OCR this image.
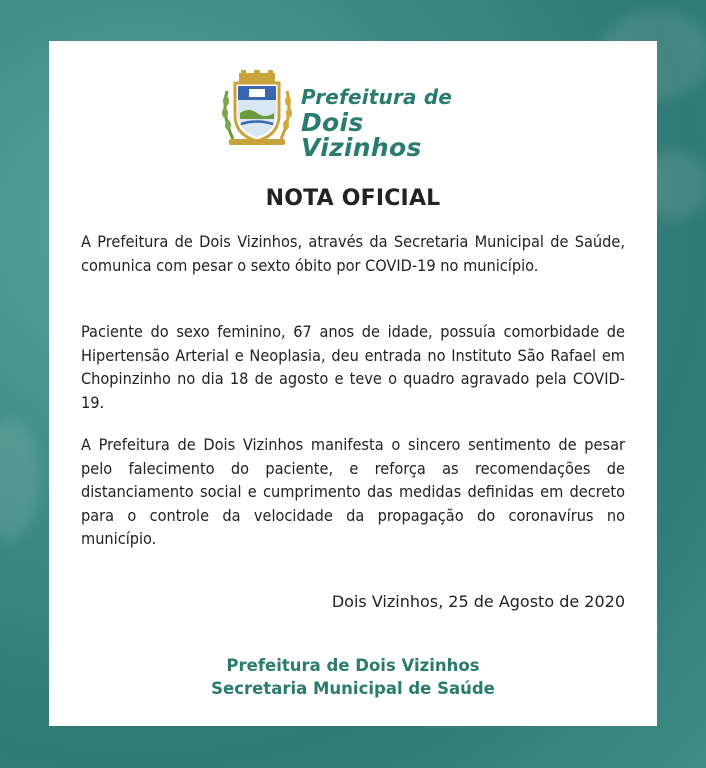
Prefeitura de
Dois Vizinhos
NOTA OFICIAL

A Prefeitura de Dois Vizinhos, através da Secretaria Municipal de Saúde, comunica com pesar o sexto óbito por COVID-19 no município.

Paciente do sexo feminino, 67 anos de idade, possuía comorbidade de Hipertensão Arterial e Neoplasia, deu entrada no Instituto São Rafael em Chopinzinho no dia 18 de agosto e teve o quadro agravado pela COVID-19.

A Prefeitura de Dois Vizinhos manifesta o sincero sentimento de pesar pelo falecimento do paciente, e reforça as recomendações de distanciamento social e cumprimento das medidas definidas em decreto para o controle da velocidade da propagação do coronavírus no município.

Dois Vizinhos, 25 de Agosto de 2020
Prefeitura de Dois Vizinhos
Secretaria Municipal de Saúde
